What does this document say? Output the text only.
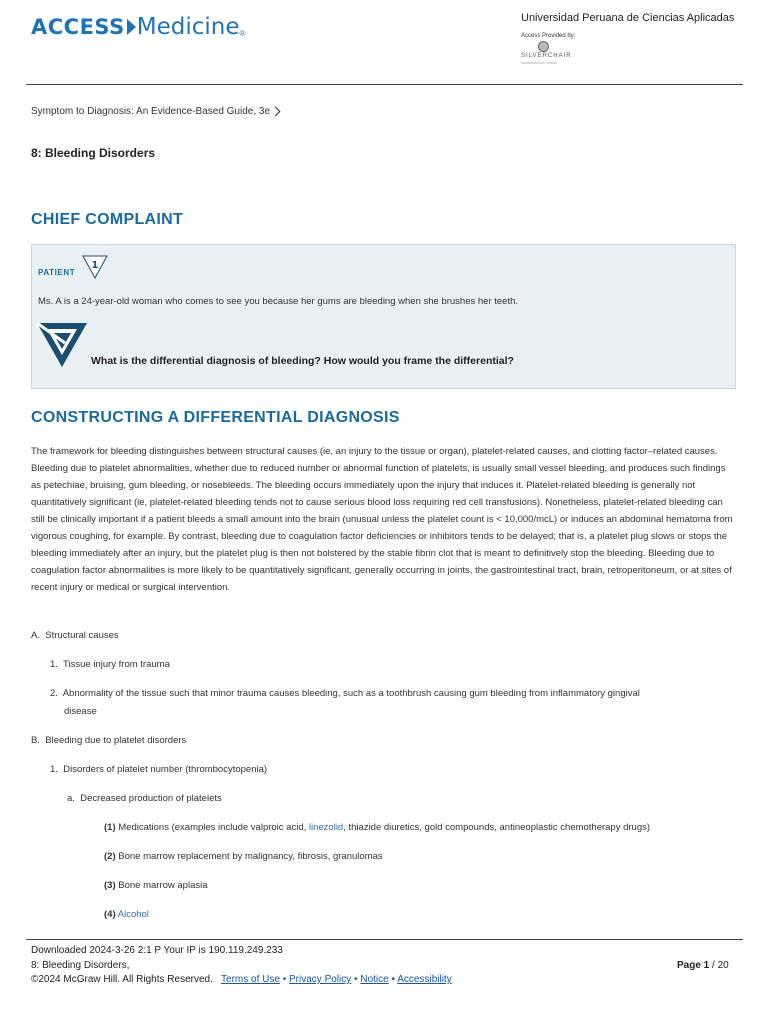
ACCESS Medicine ®
Universidad Peruana de Ciencias Aplicadas
Access Provided by:
SILVERCHAIR
INFORMATION/SYSTEMS
Symptom to Diagnosis: An Evidence-Based Guide, 3e
8: Bleeding Disorders
CHIEF COMPLAINT
PATIENT
1
Ms. A is a 24-year-old woman who comes to see you because her gums are bleeding when she brushes her teeth.
What is the differential diagnosis of bleeding? How would you frame the differential?
CONSTRUCTING A DIFFERENTIAL DIAGNOSIS
The framework for bleeding distinguishes between structural causes (ie, an injury to the tissue or organ), platelet-related causes, and clotting factor–related causes. Bleeding due to platelet abnormalities, whether due to reduced number or abnormal function of platelets, is usually small vessel bleeding, and produces such findings as petechiae, bruising, gum bleeding, or nosebleeds. The bleeding occurs immediately upon the injury that induces it. Platelet-related bleeding is generally not quantitatively significant (ie, platelet-related bleeding tends not to cause serious blood loss requiring red cell transfusions). Nonetheless, platelet-related bleeding can still be clinically important if a patient bleeds a small amount into the brain (unusual unless the platelet count is < 10,000/mcL) or induces an abdominal hematoma from vigorous coughing, for example. By contrast, bleeding due to coagulation factor deficiencies or inhibitors tends to be delayed; that is, a platelet plug slows or stops the bleeding immediately after an injury, but the platelet plug is then not bolstered by the stable fibrin clot that is meant to definitively stop the bleeding. Bleeding due to coagulation factor abnormalities is more likely to be quantitatively significant, generally occurring in joints, the gastrointestinal tract, brain, retroperitoneum, or at sites of recent injury or medical or surgical intervention.
A. Structural causes
1. Tissue injury from trauma
2. Abnormality of the tissue such that minor trauma causes bleeding, such as a toothbrush causing gum bleeding from inflammatory gingival
disease
B. Bleeding due to platelet disorders
1. Disorders of platelet number (thrombocytopenia)
a. Decreased production of platelets
(1) Medications (examples include valproic acid, linezolid, thiazide diuretics, gold compounds, antineoplastic chemotherapy drugs)
(2) Bone marrow replacement by malignancy, fibrosis, granulomas
(3) Bone marrow aplasia
(4) Alcohol
Downloaded 2024-3-26 2:1 P Your IP is 190.119.249.233
8: Bleeding Disorders,
©2024 McGraw Hill. All Rights Reserved. Terms of Use • Privacy Policy • Notice • Accessibility
Page 1 / 20
